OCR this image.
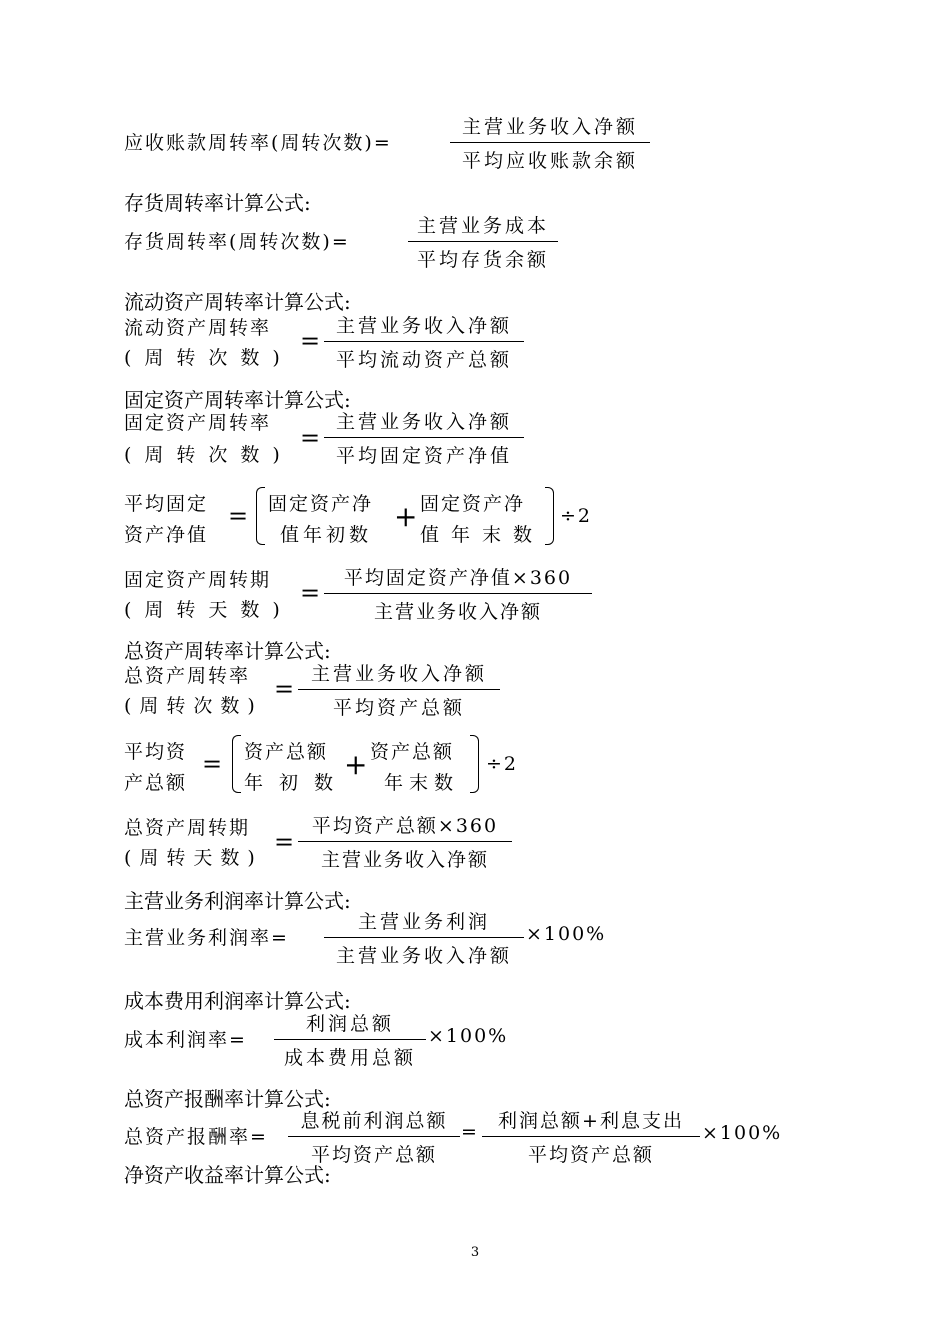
应收账款周转率(周转次数)=
主营业务收入净额
平均应收账款余额
存货周转率计算公式:
存货周转率(周转次数)=
主营业务成本
平均存货余额
流动资产周转率计算公式:
流动资产周转率
(周转次数)
=
主营业务收入净额
平均流动资产总额
固定资产周转率计算公式:
固定资产周转率
(周转次数)
=
主营业务收入净额
平均固定资产净值
平均固定
资产净值
= 固定资产净
值年初数
+ 固定资产净
值年末数
÷2
固定资产周转期
(周转天数)
=
平均固定资产净值×360
主营业务收入净额
总资产周转率计算公式:
总资产周转率
(周转次数)
=
主营业务收入净额
平均资产总额
平均资
产总额
= 资产总额
年初数
+ 资产总额
年末数
÷2
总资产周转期
(周转天数)
=
平均资产总额×360
主营业务收入净额
主营业务利润率计算公式:
主营业务利润率=
主营业务利润
主营业务收入净额
×100%
成本费用利润率计算公式:
成本利润率=
利润总额
成本费用总额
×100%
总资产报酬率计算公式:
总资产报酬率=
息税前利润总额
平均资产总额
=	利润总额+利息支出
平均资产总额
×100%
净资产收益率计算公式:
3
